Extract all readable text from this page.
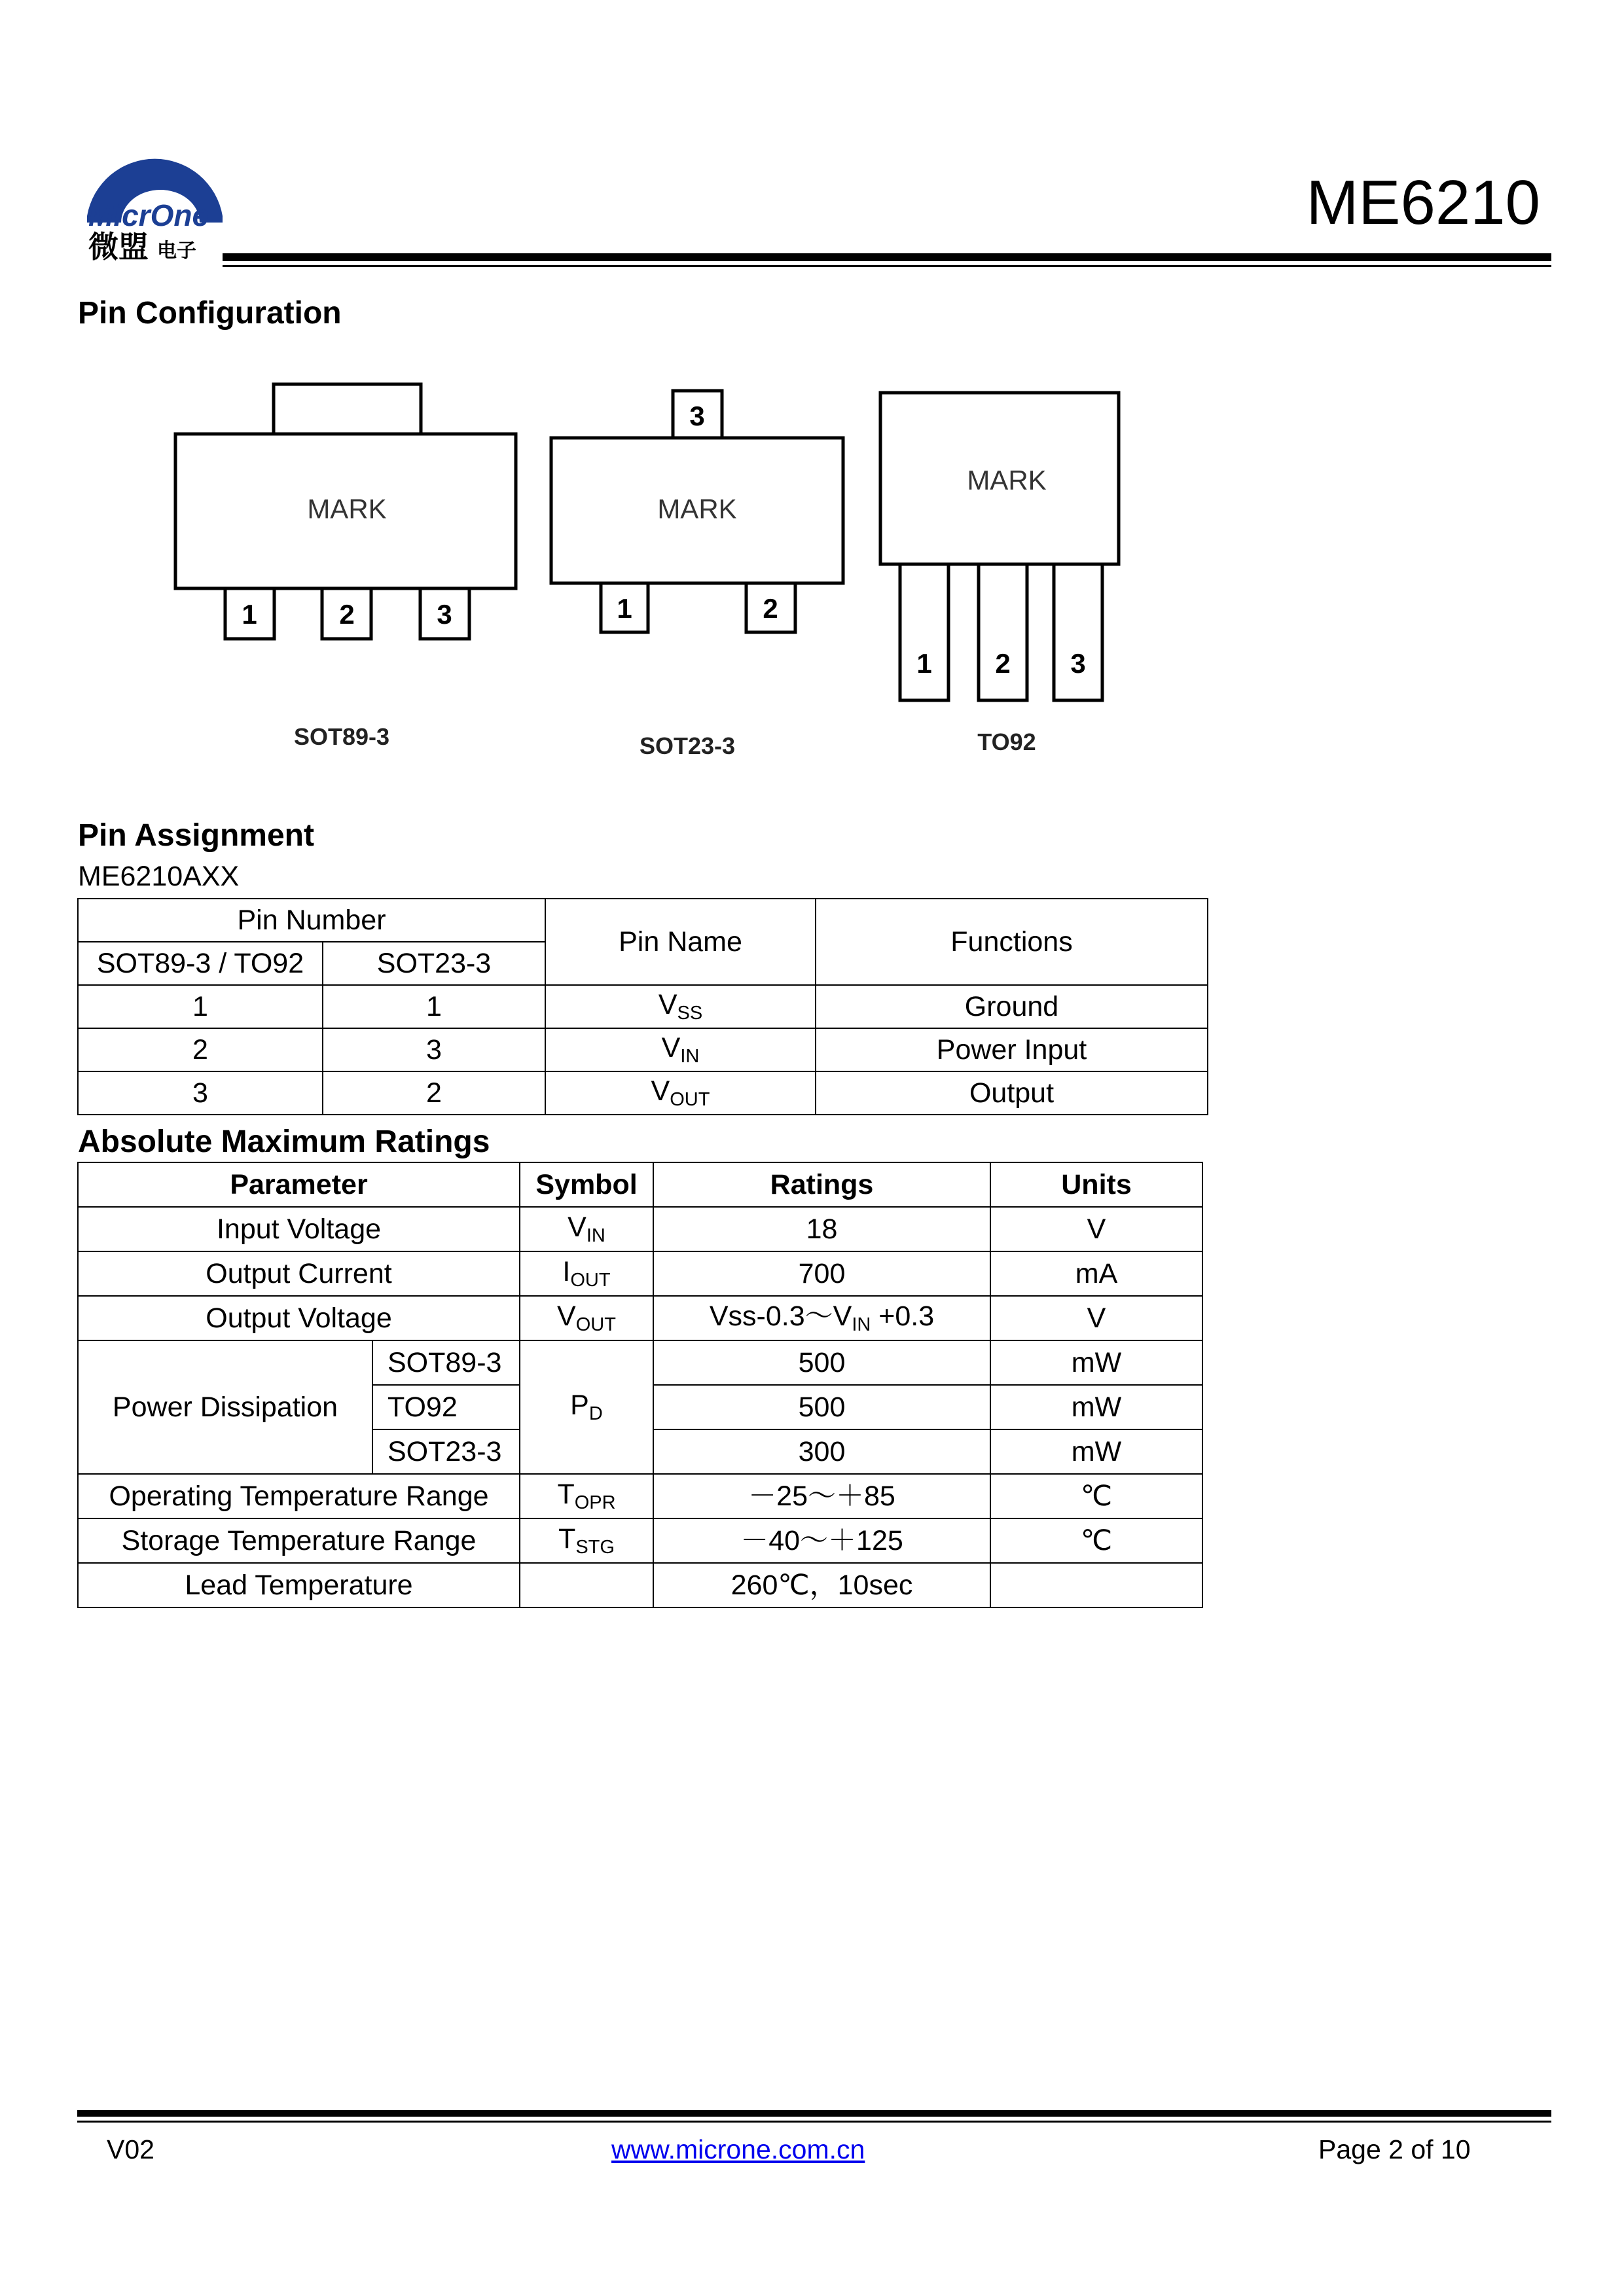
MicrOne
微盟 电子
ME6210
Pin Configuration
MARK	MARK
MARK
1	2	3	1	2
3
1 2 3
SOT89-3	SOT23-3	TO92
Pin Assignment
ME6210AXX
Pin Number		Pin Name	Functions
SOT89-3 / TO92	SOT23-3		
1	1	$V_{SS}$	Ground
2	3	$V_{IN}$	Power Input
3	2	$V_{OUT}$	Output
Absolute Maximum Ratings
Parameter		Symbol	Ratings	Units
Input Voltage		$V_{IN}$	18	V
Output Current		$I_{OUT}$	700	mA
Output Voltage		$V_{OUT}$	Vss-$0.3\sim V_{IN} +0.3$	V
Power Dissipation	SOT89-3	$P_D$	500	mW
	TO92		500	mW
	SOT23-3		300	mW
Operating Temperature Range		$T_{OPR}$	－25～＋85	℃
Storage Temperature Range		$T_{STG}$	－40～＋125	℃
Lead Temperature			260℃，10sec	
V02	www.microne.com.cn	Page 2 of 10
